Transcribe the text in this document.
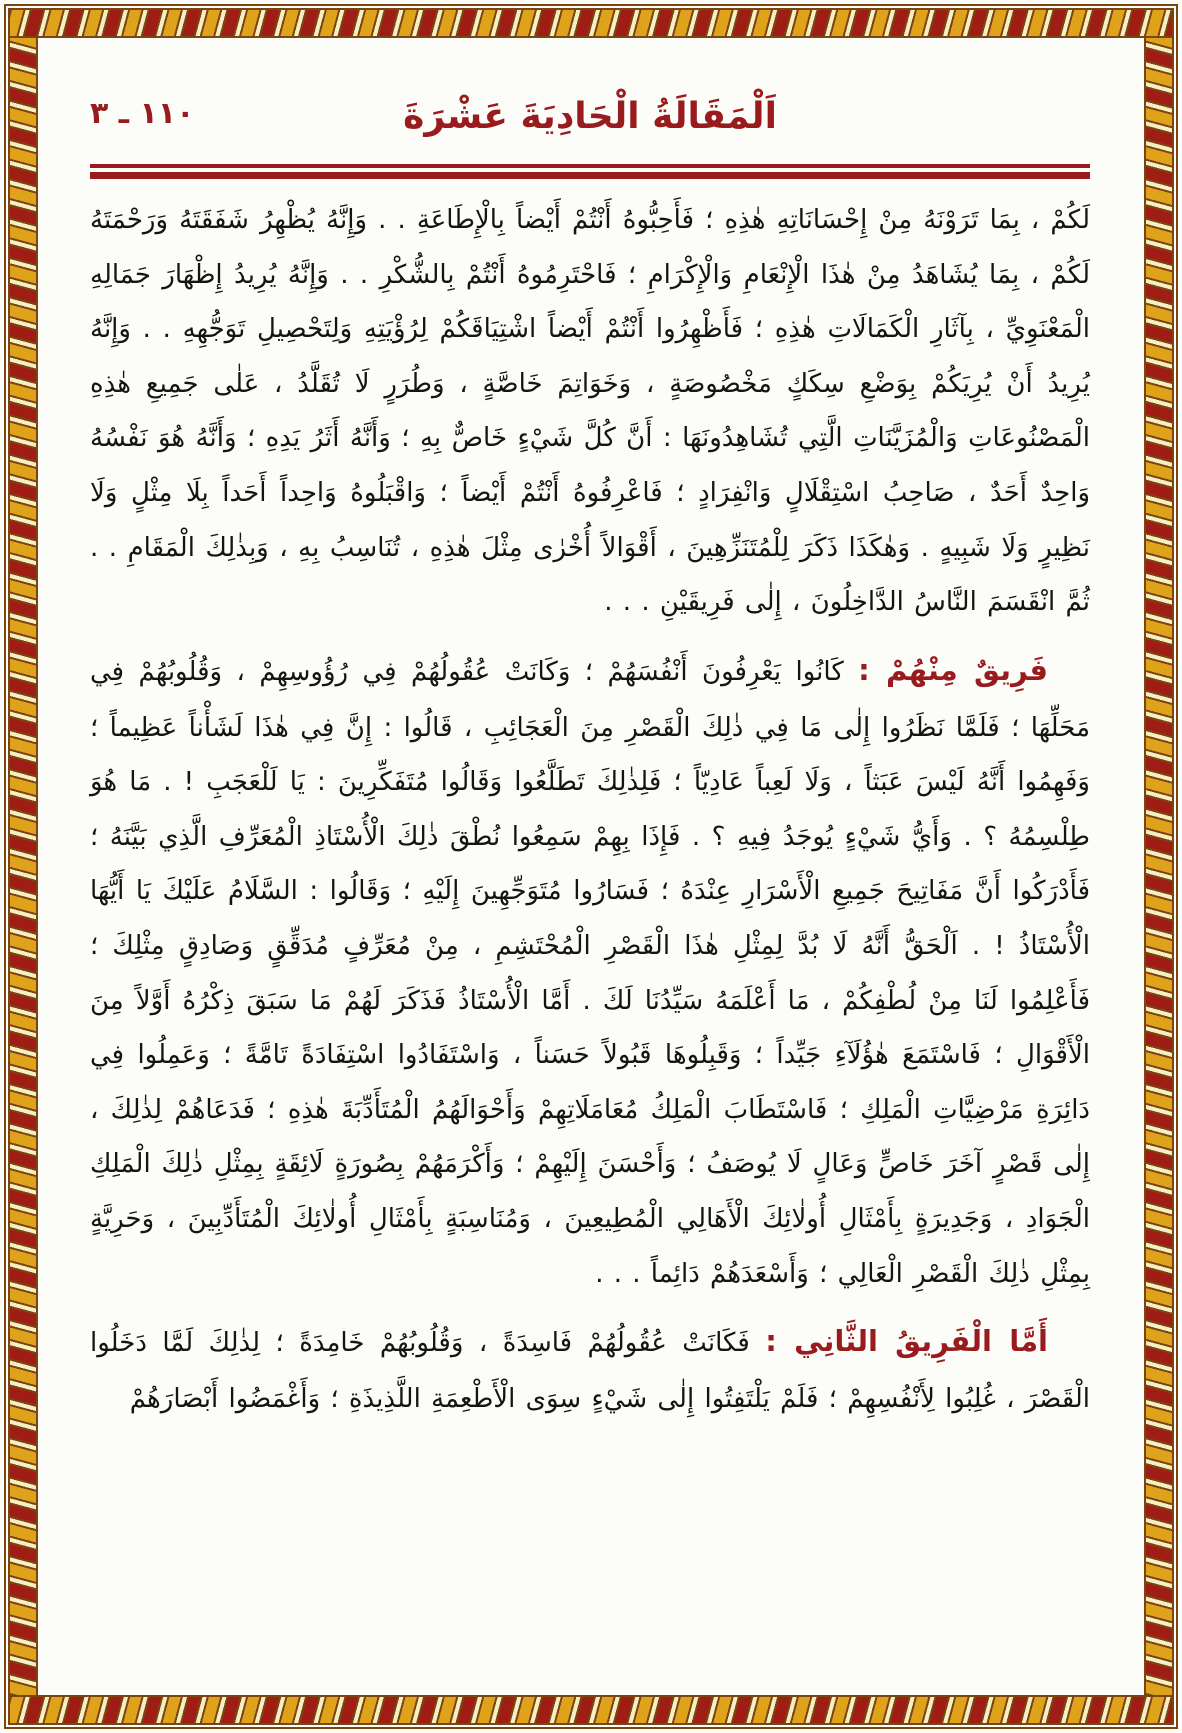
اَلْمَقَالَةُ الْحَادِيَةَ عَشْرَةَ
١١٠ ـ ٣

لَكُمْ ، بِمَا تَرَوْنَهُ مِنْ إِحْسَانَاتِهِ هٰذِهِ ؛ فَأَحِبُّوهُ أَنْتُمْ أَيْضاً بِالْإِطَاعَةِ . . وَإِنَّهُ يُظْهِرُ شَفَقَتَهُ وَرَحْمَتَهُ لَكُمْ ، بِمَا يُشَاهَدُ مِنْ هٰذَا الْإِنْعَامِ وَالْإِكْرَامِ ؛ فَاحْتَرِمُوهُ أَنْتُمْ بِالشُّكْرِ . . وَإِنَّهُ يُرِيدُ إِظْهَارَ جَمَالِهِ الْمَعْنَوِيِّ ، بِآثَارِ الْكَمَالَاتِ هٰذِهِ ؛ فَأَظْهِرُوا أَنْتُمْ أَيْضاً اشْتِيَاقَكُمْ لِرُؤْيَتِهِ وَلِتَحْصِيلِ تَوَجُّهِهِ . . وَإِنَّهُ يُرِيدُ أَنْ يُرِيَكُمْ بِوَضْعِ سِكَكٍ مَخْصُوصَةٍ ، وَخَوَاتِمَ خَاصَّةٍ ، وَطُرَرٍ لَا تُقَلَّدُ ، عَلٰى جَمِيعِ هٰذِهِ الْمَصْنُوعَاتِ وَالْمُزَيَّنَاتِ الَّتِي تُشَاهِدُونَهَا : أَنَّ كُلَّ شَيْءٍ خَاصٌّ بِهِ ؛ وَأَنَّهُ أَثَرُ يَدِهِ ؛ وَأَنَّهُ هُوَ نَفْسُهُ وَاحِدٌ أَحَدٌ ، صَاحِبُ اسْتِقْلَالٍ وَانْفِرَادٍ ؛ فَاعْرِفُوهُ أَنْتُمْ أَيْضاً ؛ وَاقْبَلُوهُ وَاحِداً أَحَداً بِلَا مِثْلٍ وَلَا نَظِيرٍ وَلَا شَبِيهٍ . وَهٰكَذَا ذَكَرَ لِلْمُتَنَزِّهِينَ ، أَقْوَالاً أُخْرٰى مِثْلَ هٰذِهِ ، تُنَاسِبُ بِهِ ، وَبِذٰلِكَ الْمَقَامِ . . ثُمَّ انْقَسَمَ النَّاسُ الدَّاخِلُونَ ، إِلٰى فَرِيقَيْنِ . . .

فَرِيقٌ مِنْهُمْ : كَانُوا يَعْرِفُونَ أَنْفُسَهُمْ ؛ وَكَانَتْ عُقُولُهُمْ فِي رُؤُوسِهِمْ ، وَقُلُوبُهُمْ فِي مَحَلِّهَا ؛ فَلَمَّا نَظَرُوا إِلٰى مَا فِي ذٰلِكَ الْقَصْرِ مِنَ الْعَجَائِبِ ، قَالُوا : إِنَّ فِي هٰذَا لَشَأْناً عَظِيماً ؛ وَفَهِمُوا أَنَّهُ لَيْسَ عَبَثاً ، وَلَا لَعِباً عَادِيّاً ؛ فَلِذٰلِكَ تَطَلَّعُوا وَقَالُوا مُتَفَكِّرِينَ : يَا لَلْعَجَبِ ! . مَا هُوَ طِلْسِمُهُ ؟ . وَأَيُّ شَيْءٍ يُوجَدُ فِيهِ ؟ . فَإِذَا بِهِمْ سَمِعُوا نُطْقَ ذٰلِكَ الْأُسْتَاذِ الْمُعَرِّفِ الَّذِي بَيَّنَهُ ؛ فَأَدْرَكُوا أَنَّ مَفَاتِيحَ جَمِيعِ الْأَسْرَارِ عِنْدَهُ ؛ فَسَارُوا مُتَوَجِّهِينَ إِلَيْهِ ؛ وَقَالُوا : السَّلَامُ عَلَيْكَ يَا أَيُّهَا الْأُسْتَاذُ ! . اَلْحَقُّ أَنَّهُ لَا بُدَّ لِمِثْلِ هٰذَا الْقَصْرِ الْمُحْتَشِمِ ، مِنْ مُعَرِّفٍ مُدَقِّقٍ وَصَادِقٍ مِثْلِكَ ؛ فَأَعْلِمُوا لَنَا مِنْ لُطْفِكُمْ ، مَا أَعْلَمَهُ سَيِّدُنَا لَكَ . أَمَّا الْأُسْتَاذُ فَذَكَرَ لَهُمْ مَا سَبَقَ ذِكْرُهُ أَوَّلاً مِنَ الْأَقْوَالِ ؛ فَاسْتَمَعَ هٰؤُلَآءِ جَيِّداً ؛ وَقَبِلُوهَا قَبُولاً حَسَناً ، وَاسْتَفَادُوا اسْتِفَادَةً تَامَّةً ؛ وَعَمِلُوا فِي دَائِرَةِ مَرْضِيَّاتِ الْمَلِكِ ؛ فَاسْتَطَابَ الْمَلِكُ مُعَامَلَاتِهِمْ وَأَحْوَالَهُمُ الْمُتَأَدِّبَةَ هٰذِهِ ؛ فَدَعَاهُمْ لِذٰلِكَ ، إِلٰى قَصْرٍ آخَرَ خَاصٍّ وَعَالٍ لَا يُوصَفُ ؛ وَأَحْسَنَ إِلَيْهِمْ ؛ وَأَكْرَمَهُمْ بِصُورَةٍ لَائِقَةٍ بِمِثْلِ ذٰلِكَ الْمَلِكِ الْجَوَادِ ، وَجَدِيرَةٍ بِأَمْثَالِ أُولٰائِكَ الْأَهَالِي الْمُطِيعِينَ ، وَمُنَاسِبَةٍ بِأَمْثَالِ أُولٰائِكَ الْمُتَأَدِّبِينَ ، وَحَرِيَّةٍ بِمِثْلِ ذٰلِكَ الْقَصْرِ الْعَالِي ؛ وَأَسْعَدَهُمْ دَائِماً . . .

أَمَّا الْفَرِيقُ الثَّانِي : فَكَانَتْ عُقُولُهُمْ فَاسِدَةً ، وَقُلُوبُهُمْ خَامِدَةً ؛ لِذٰلِكَ لَمَّا دَخَلُوا الْقَصْرَ ، غُلِبُوا لِأَنْفُسِهِمْ ؛ فَلَمْ يَلْتَفِتُوا إِلٰى شَيْءٍ سِوَى الْأَطْعِمَةِ اللَّذِيذَةِ ؛ وَأَغْمَضُوا أَبْصَارَهُمْ
